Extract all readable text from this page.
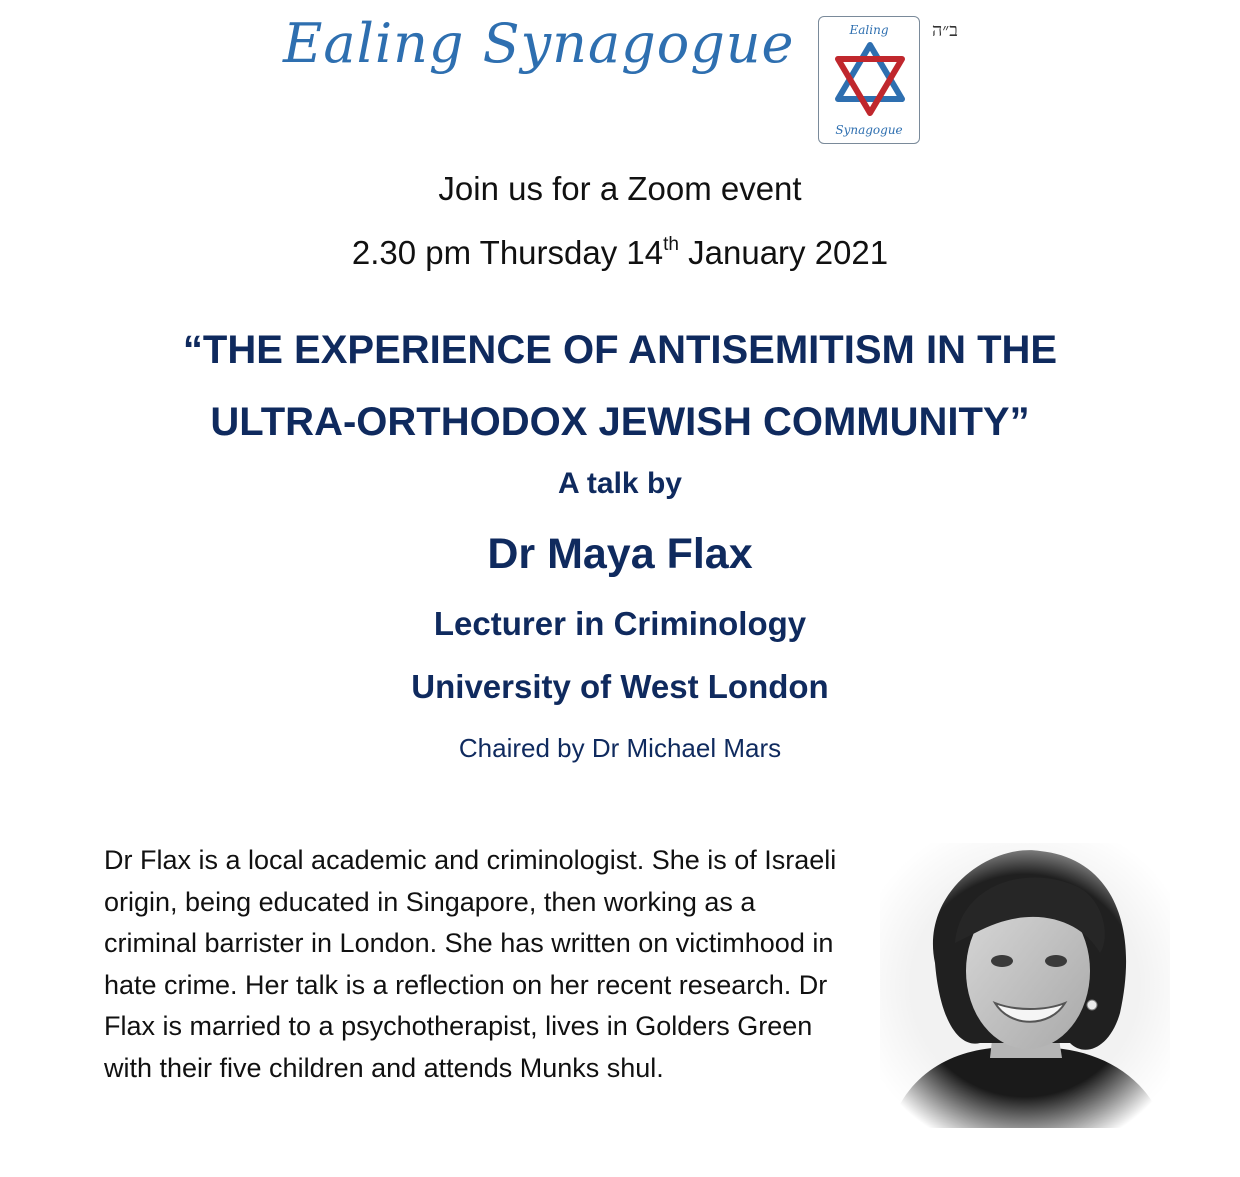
Ealing Synagogue	Ealing
Synagogue
ב״ה
Join us for a Zoom event
2.30 pm Thursday 14th January 2021
“THE EXPERIENCE OF ANTISEMITISM IN THE
ULTRA-ORTHODOX JEWISH COMMUNITY”
A talk by
Dr Maya Flax
Lecturer in Criminology
University of West London
Chaired by Dr Michael Mars
Dr Flax is a local academic and criminologist. She is of Israeli origin, being educated in Singapore, then working as a criminal barrister in London. She has written on victimhood in hate crime. Her talk is a reflection on her recent research. Dr Flax is married to a psychotherapist, lives in Golders Green with their five children and attends Munks shul.
